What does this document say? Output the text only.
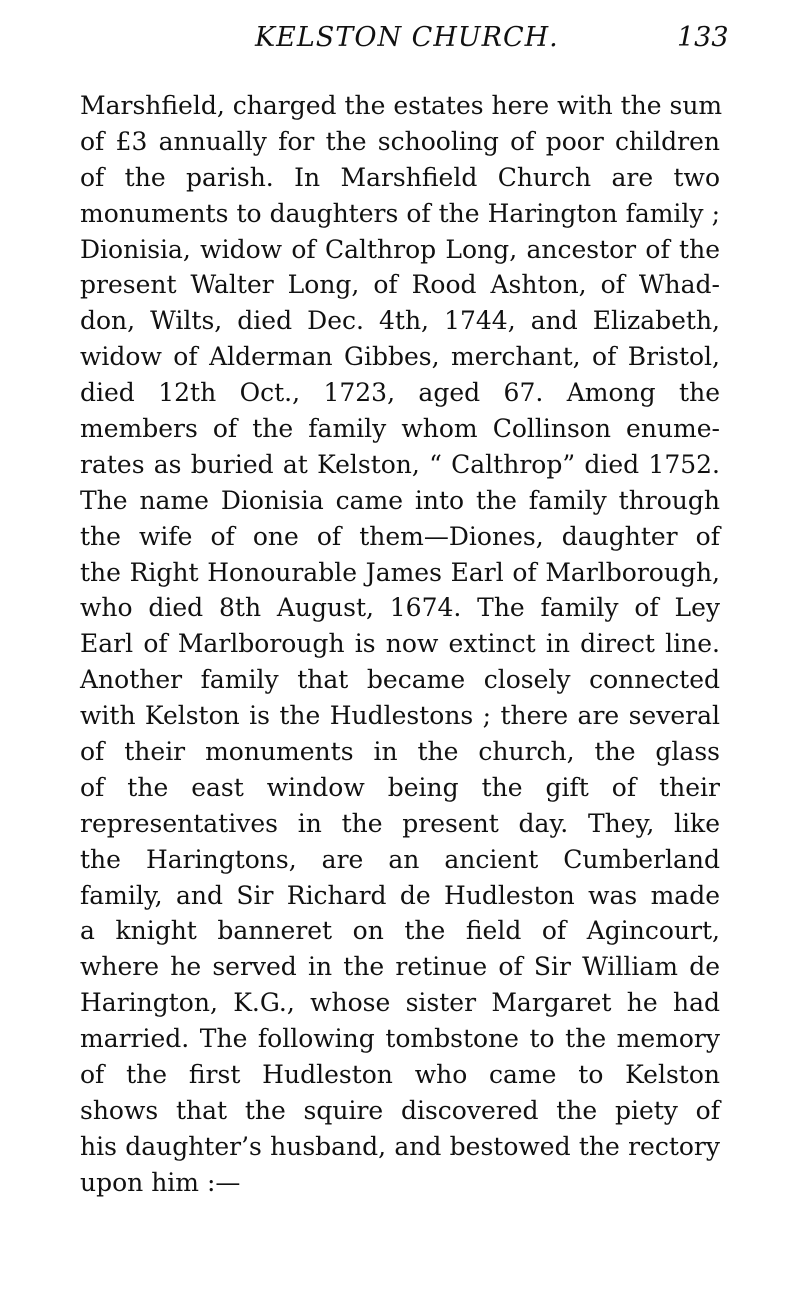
KELSTON CHURCH.	133
Marshfield, charged the estates here with the sum
of £3 annually for the schooling of poor children
of the parish. In Marshfield Church are two
monuments to daughters of the Harington family ;
Dionisia, widow of Calthrop Long, ancestor of the
present Walter Long, of Rood Ashton, of Whad-
don, Wilts, died Dec. 4th, 1744, and Elizabeth,
widow of Alderman Gibbes, merchant, of Bristol,
died 12th Oct., 1723, aged 67. Among the
members of the family whom Collinson enume-
rates as buried at Kelston, “ Calthrop” died 1752.
The name Dionisia came into the family through
the wife of one of them—Diones, daughter of
the Right Honourable James Earl of Marlborough,
who died 8th August, 1674. The family of Ley
Earl of Marlborough is now extinct in direct line.
Another family that became closely connected
with Kelston is the Hudlestons ; there are several
of their monuments in the church, the glass
of the east window being the gift of their
representatives in the present day. They, like
the Haringtons, are an ancient Cumberland
family, and Sir Richard de Hudleston was made
a knight banneret on the field of Agincourt,
where he served in the retinue of Sir William de
Harington, K.G., whose sister Margaret he had
married. The following tombstone to the memory
of the first Hudleston who came to Kelston
shows that the squire discovered the piety of
his daughter’s husband, and bestowed the rectory
upon him :—
